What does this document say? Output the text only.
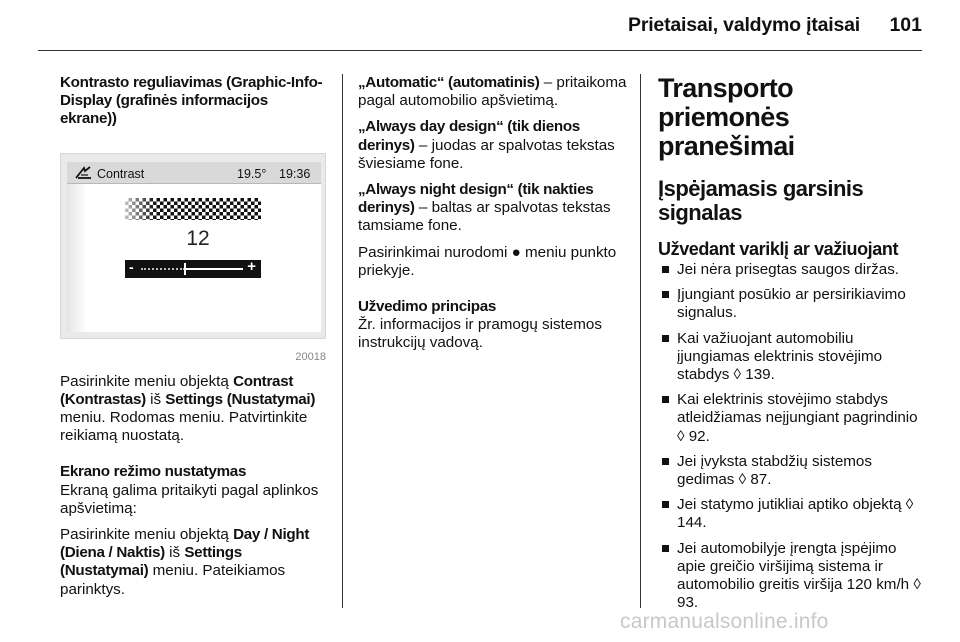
Prietaisai, valdymo įtaisai	101

Kontrasto reguliavimas (Graphic-Info-Display (grafinės informacijos ekrane))

Contrast	19.5° 19:36
12
-	+
20018

Pasirinkite meniu objektą Contrast (Kontrastas) iš Settings (Nustatymai) meniu. Rodomas meniu. Patvirtinkite reikiamą nuostatą.

Ekrano režimo nustatymas

Ekraną galima pritaikyti pagal aplinkos apšvietimą:

Pasirinkite meniu objektą Day / Night (Diena / Naktis) iš Settings (Nustatymai) meniu. Pateikiamos parinktys.

„Automatic“ (automatinis) – pritaikoma pagal automobilio apšvietimą.

„Always day design“ (tik dienos derinys) – juodas ar spalvotas tekstas šviesiame fone.

„Always night design“ (tik nakties derinys) – baltas ar spalvotas tekstas tamsiame fone.

Pasirinkimai nurodomi ● meniu punkto priekyje.

Užvedimo principas

Žr. informacijos ir pramogų sistemos instrukcijų vadovą.

Transporto priemonės pranešimai
Įspėjamasis garsinis signalas
Užvedant variklį ar važiuojant
Jei nėra prisegtas saugos diržas.
Įjungiant posūkio ar persirikiavimo signalus.
Kai važiuojant automobiliu įjungiamas elektrinis stovėjimo stabdys ◊ 139.
Kai elektrinis stovėjimo stabdys atleidžiamas neįjungiant pagrindinio ◊ 92.
Jei įvyksta stabdžių sistemos gedimas ◊ 87.
Jei statymo jutikliai aptiko objektą ◊ 144.
Jei automobilyje įrengta įspėjimo apie greičio viršijimą sistema ir automobilio greitis viršija 120 km/h ◊ 93.
carmanualsonline.info
